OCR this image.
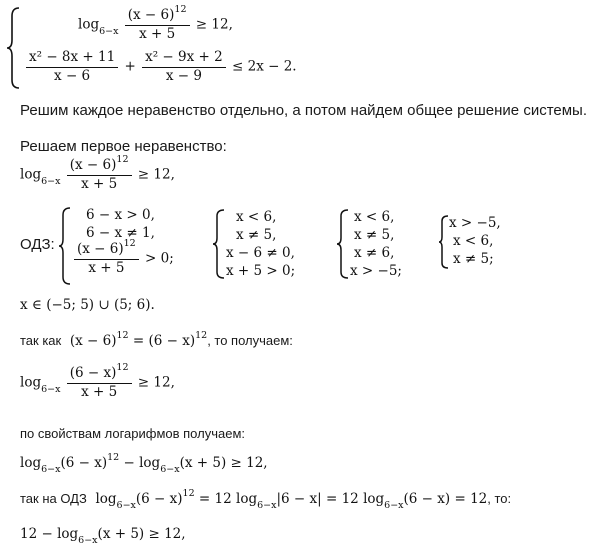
$\log_{6-x} \frac{(x - 6)^{12}}{x + 5} \ge 12$,
$\frac{\text{x² − 8x + 11}}{x - 6} + \frac{\text{x² − 9x + 2}}{x - 9} \le 2x - 2$.
Решим каждое неравенство отдельно, а потом найдем общее решение системы.
Решаем первое неравенство:
$\log_{6-x} \frac{(x - 6)^{12}}{x + 5} \ge 12$,
ОДЗ:
6 − x > 0,
6 − x ≠ 1,
$\frac{(x - 6)^{12}}{x + 5} > 0$;
x < 6,
x ≠ 5,
x − 6 ≠ 0,
x + 5 > 0;
x < 6,
x ≠ 5,
x ≠ 6,
x > −5;
x > −5,
x < 6,
x ≠ 5;
x ∈ (−5; 5) ∪ (5; 6).
так как $(x - 6)^{12} = (6 - x)^{12}$, то получаем:
$\log_{6-x} \frac{(6 - x)^{12}}{x + 5} \ge 12$,
по свойствам логарифмов получаем:
$\log_{6-x}(6 - x)^{12} - \log_{6-x}(x + 5) \ge 12$,
так на ОДЗ $\log_{6-x}(6 - x)^{12} = 12$ $\log_{6-x}|6 - x| = 12$ $\log_{6-x}(6 - x) = 12$, то:
$12 - \log_{6-x}(x + 5) \ge 12$,
